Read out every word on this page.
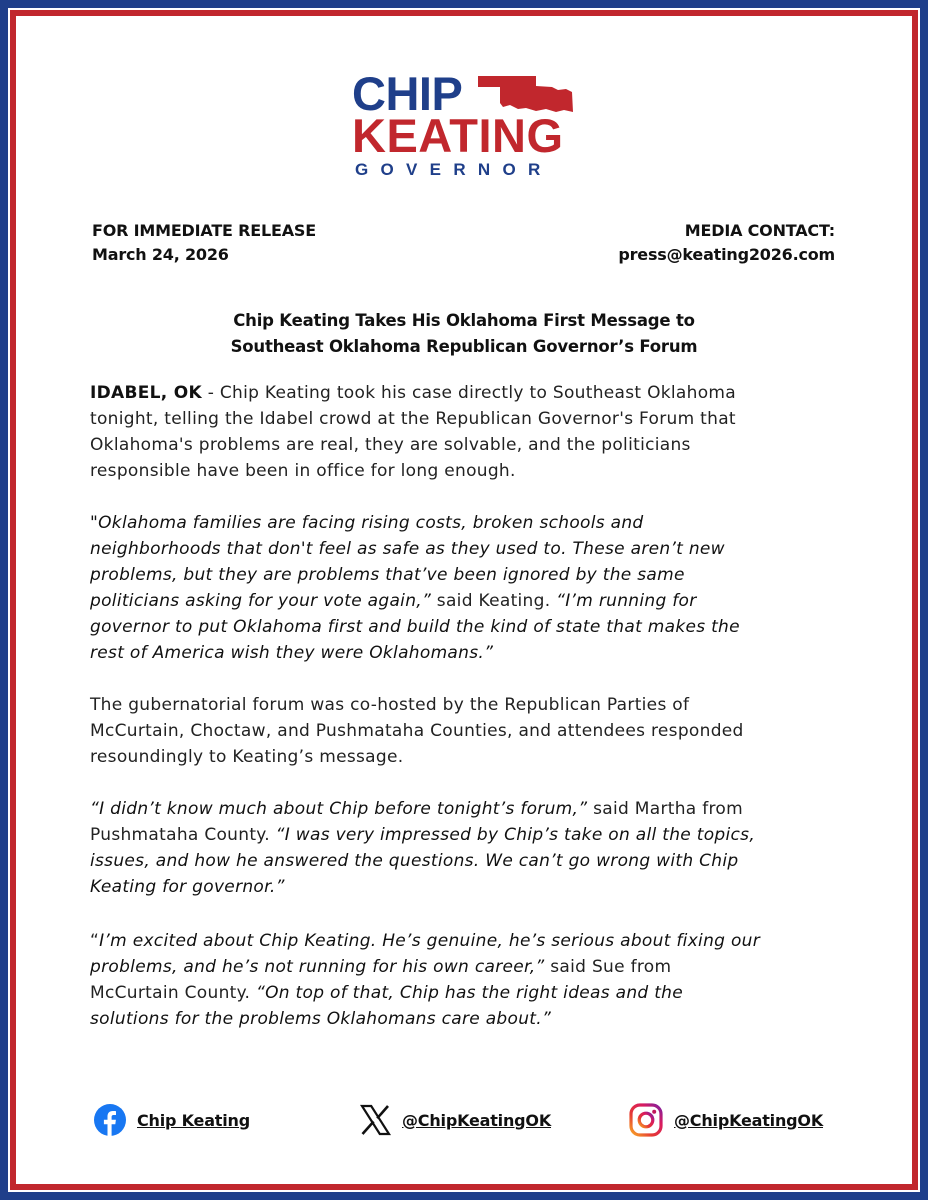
CHIP
KEATING
GOVERNOR
FOR IMMEDIATE RELEASE
March 24, 2026
MEDIA CONTACT:
press@keating2026.com
Chip Keating Takes His Oklahoma First Message to
Southeast Oklahoma Republican Governor’s Forum
IDABEL, OK - Chip Keating took his case directly to Southeast Oklahoma
tonight, telling the Idabel crowd at the Republican Governor's Forum that
Oklahoma's problems are real, they are solvable, and the politicians
responsible have been in office for long enough.
"Oklahoma families are facing rising costs, broken schools and
neighborhoods that don't feel as safe as they used to. These aren’t new
problems, but they are problems that’ve been ignored by the same
politicians asking for your vote again,” said Keating. “I’m running for
governor to put Oklahoma first and build the kind of state that makes the
rest of America wish they were Oklahomans.”
The gubernatorial forum was co-hosted by the Republican Parties of
McCurtain, Choctaw, and Pushmataha Counties, and attendees responded
resoundingly to Keating’s message.
“I didn’t know much about Chip before tonight’s forum,” said Martha from
Pushmataha County. “I was very impressed by Chip’s take on all the topics,
issues, and how he answered the questions. We can’t go wrong with Chip
Keating for governor.”
“I’m excited about Chip Keating. He’s genuine, he’s serious about fixing our
problems, and he’s not running for his own career,” said Sue from
McCurtain County. “On top of that, Chip has the right ideas and the
solutions for the problems Oklahomans care about.”
Chip Keating	@ChipKeatingOK	@ChipKeatingOK
